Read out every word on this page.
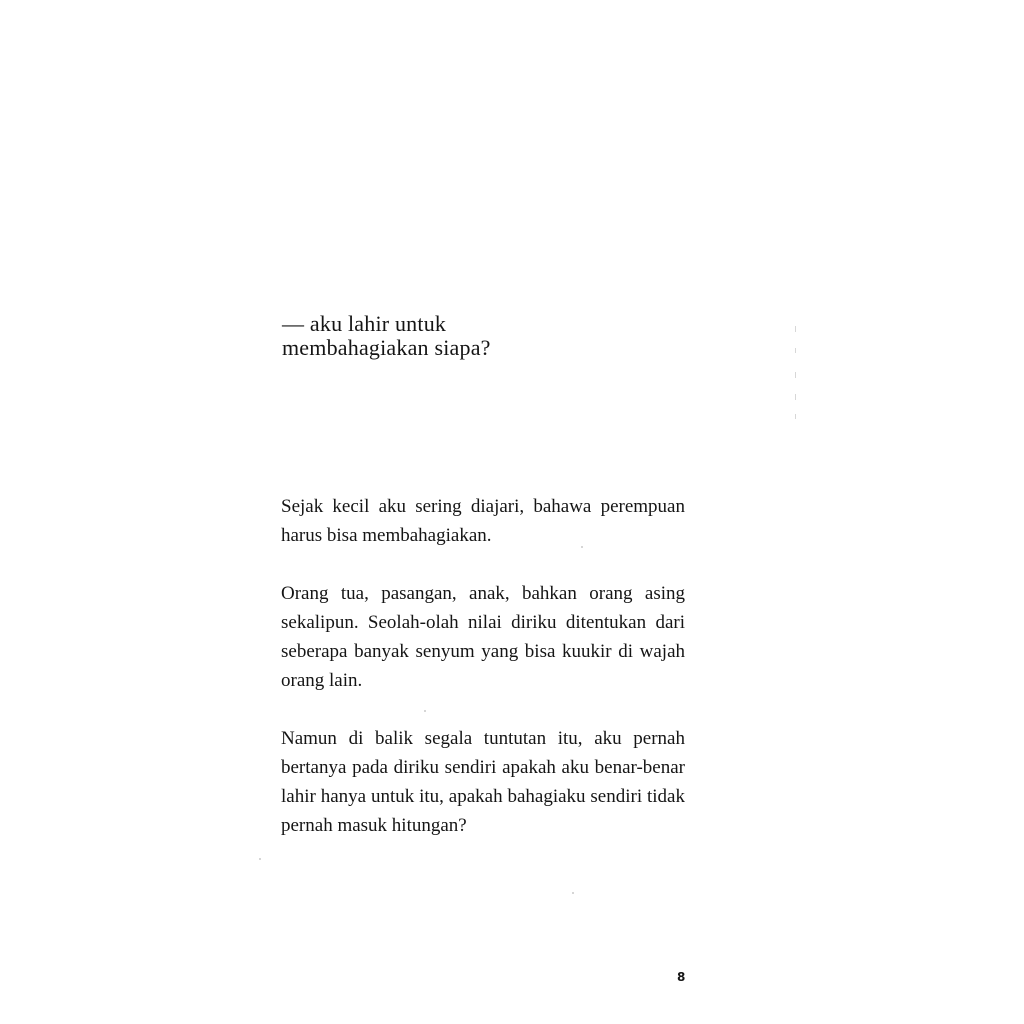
— aku lahir untuk
membahagiakan siapa?

Sejak kecil aku sering diajari, bahawa perempuan harus bisa membahagiakan.

Orang tua, pasangan, anak, bahkan orang asing sekalipun. Seolah-olah nilai diriku ditentukan dari seberapa banyak senyum yang bisa kuukir di wajah orang lain.

Namun di balik segala tuntutan itu, aku pernah bertanya pada diriku sendiri apakah aku benar-benar lahir hanya untuk itu, apakah bahagiaku sendiri tidak pernah masuk hitungan?

8
